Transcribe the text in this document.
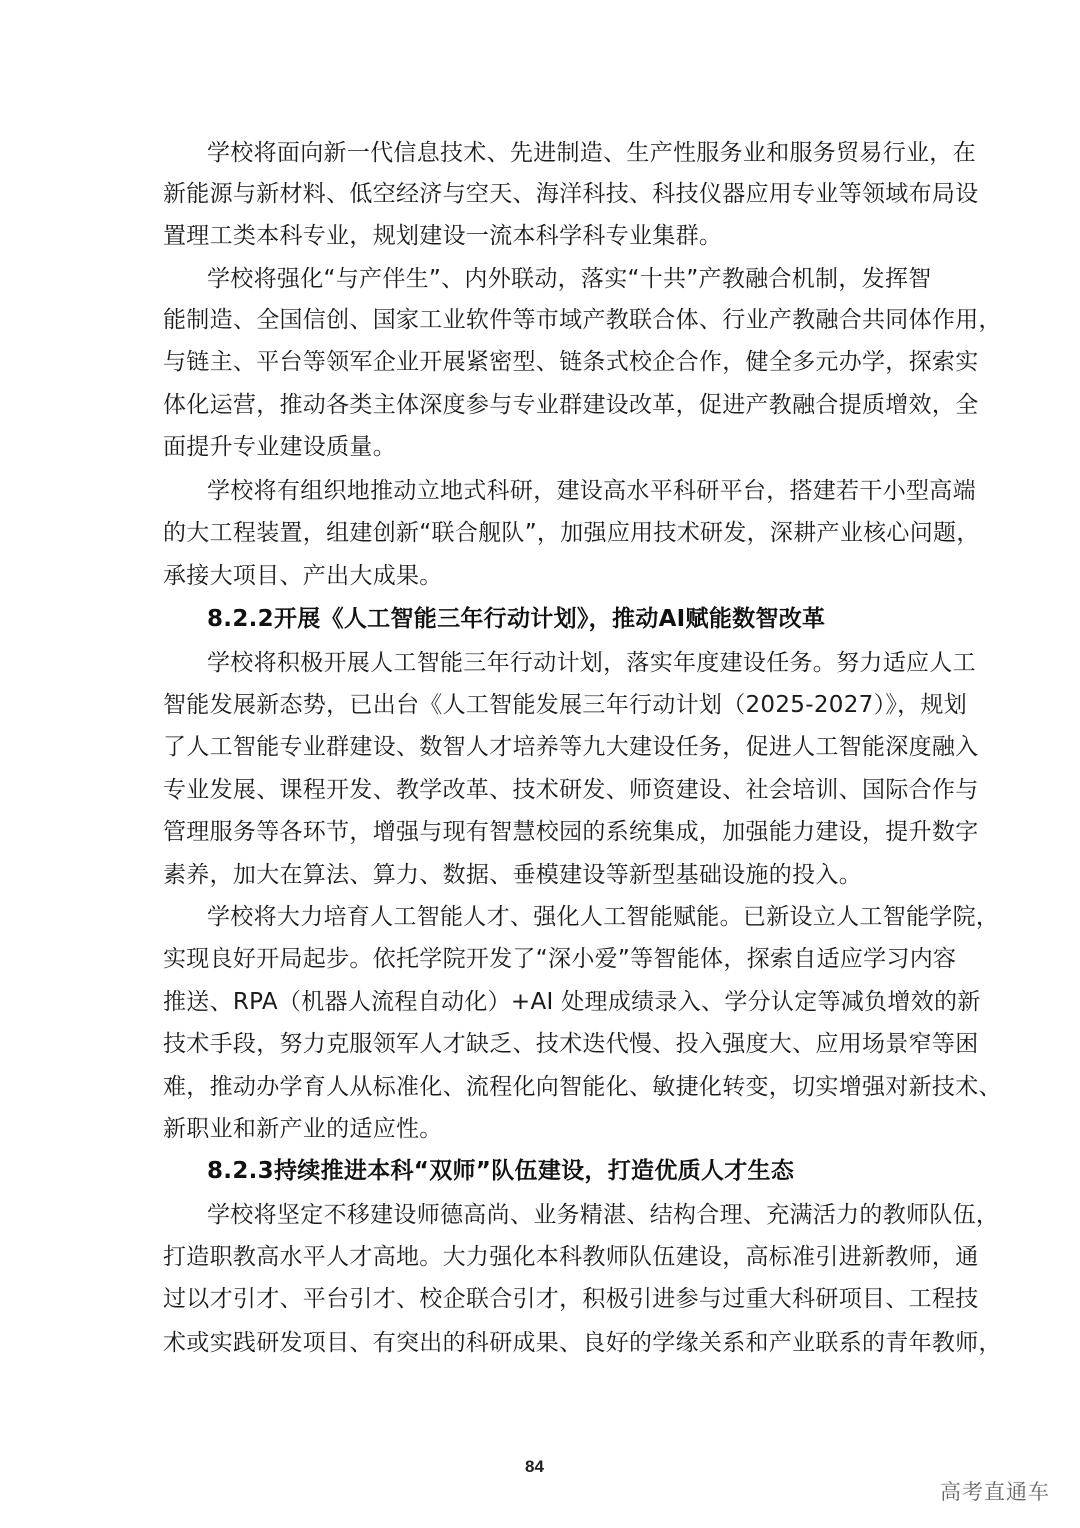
学校将面向新一代信息技术、先进制造、生产性服务业和服务贸易行业，在
新能源与新材料、低空经济与空天、海洋科技、科技仪器应用专业等领域布局设
置理工类本科专业，规划建设一流本科学科专业集群。
学校将强化“与产伴生”、内外联动，落实“十共”产教融合机制，发挥智
能制造、全国信创、国家工业软件等市域产教联合体、行业产教融合共同体作用，
与链主、平台等领军企业开展紧密型、链条式校企合作，健全多元办学，探索实
体化运营，推动各类主体深度参与专业群建设改革，促进产教融合提质增效，全
面提升专业建设质量。
学校将有组织地推动立地式科研，建设高水平科研平台，搭建若干小型高端
的大工程装置，组建创新“联合舰队”，加强应用技术研发，深耕产业核心问题，
承接大项目、产出大成果。
8.2.2开展《人工智能三年行动计划》，推动AI赋能数智改革
学校将积极开展人工智能三年行动计划，落实年度建设任务。努力适应人工
智能发展新态势，已出台《人工智能发展三年行动计划（2025-2027）》，规划
了人工智能专业群建设、数智人才培养等九大建设任务，促进人工智能深度融入
专业发展、课程开发、教学改革、技术研发、师资建设、社会培训、国际合作与
管理服务等各环节，增强与现有智慧校园的系统集成，加强能力建设，提升数字
素养，加大在算法、算力、数据、垂模建设等新型基础设施的投入。
学校将大力培育人工智能人才、强化人工智能赋能。已新设立人工智能学院，
实现良好开局起步。依托学院开发了“深小爱”等智能体，探索自适应学习内容
推送、RPA（机器人流程自动化）+AI 处理成绩录入、学分认定等减负增效的新
技术手段，努力克服领军人才缺乏、技术迭代慢、投入强度大、应用场景窄等困
难，推动办学育人从标准化、流程化向智能化、敏捷化转变，切实增强对新技术、
新职业和新产业的适应性。
8.2.3持续推进本科“双师”队伍建设，打造优质人才生态
学校将坚定不移建设师德高尚、业务精湛、结构合理、充满活力的教师队伍，
打造职教高水平人才高地。大力强化本科教师队伍建设，高标准引进新教师，通
过以才引才、平台引才、校企联合引才，积极引进参与过重大科研项目、工程技
术或实践研发项目、有突出的科研成果、良好的学缘关系和产业联系的青年教师，
84
高考直通车
